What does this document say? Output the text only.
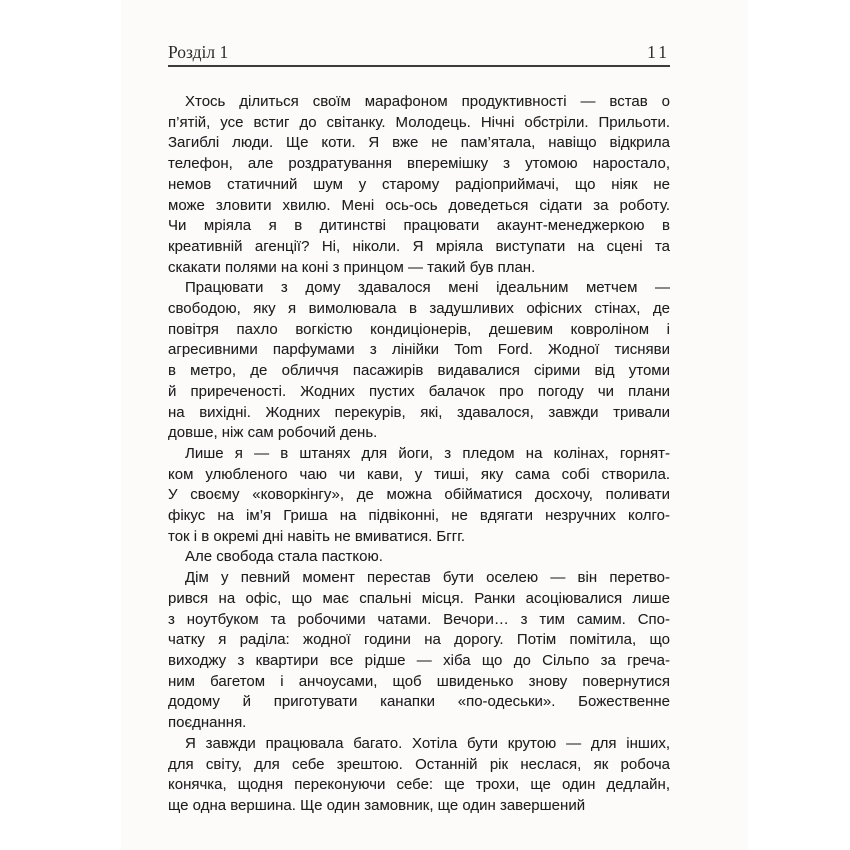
Розділ 1	11

Хтось ділиться своїм марафоном продуктивності — встав о
п’ятій, усе встиг до світанку. Молодець. Нічні обстріли. Прильоти.
Загиблі люди. Ще коти. Я вже не пам’ятала, навіщо відкрила
телефон, але роздратування вперемішку з утомою наростало,
немов статичний шум у старому радіоприймачі, що ніяк не
може зловити хвилю. Мені ось-ось доведеться сідати за роботу.
Чи мріяла я в дитинстві працювати акаунт-менеджеркою в
креативній агенції? Ні, ніколи. Я мріяла виступати на сцені та
скакати полями на коні з принцом — такий був план.

Працювати з дому здавалося мені ідеальним метчем —
свободою, яку я вимолювала в задушливих офісних стінах, де
повітря пахло вогкістю кондиціонерів, дешевим ковроліном і
агресивними парфумами з лінійки Tom Ford. Жодної тисняви
в метро, де обличчя пасажирів видавалися сірими від утоми
й приреченості. Жодних пустих балачок про погоду чи плани
на вихідні. Жодних перекурів, які, здавалося, завжди тривали
довше, ніж сам робочий день.

Лише я — в штанях для йоги, з пледом на колінах, горнят-
ком улюбленого чаю чи кави, у тиші, яку сама собі створила.
У своєму «коворкінгу», де можна обійматися досхочу, поливати
фікус на ім’я Гриша на підвіконні, не вдягати незручних колго-
ток і в окремі дні навіть не вмиватися. Бггг.

Але свобода стала пасткою.

Дім у певний момент перестав бути оселею — він перетво-
рився на офіс, що має спальні місця. Ранки асоціювалися лише
з ноутбуком та робочими чатами. Вечори… з тим самим. Спо-
чатку я раділа: жодної години на дорогу. Потім помітила, що
виходжу з квартири все рідше — хіба що до Сільпо за греча-
ним багетом і анчоусами, щоб швиденько знову повернутися
додому й приготувати канапки «по-одеськи». Божественне
поєднання.

Я завжди працювала багато. Хотіла бути крутою — для інших,
для світу, для себе зрештою. Останній рік неслася, як робоча
конячка, щодня переконуючи себе: ще трохи, ще один дедлайн,
ще одна вершина. Ще один замовник, ще один завершений
